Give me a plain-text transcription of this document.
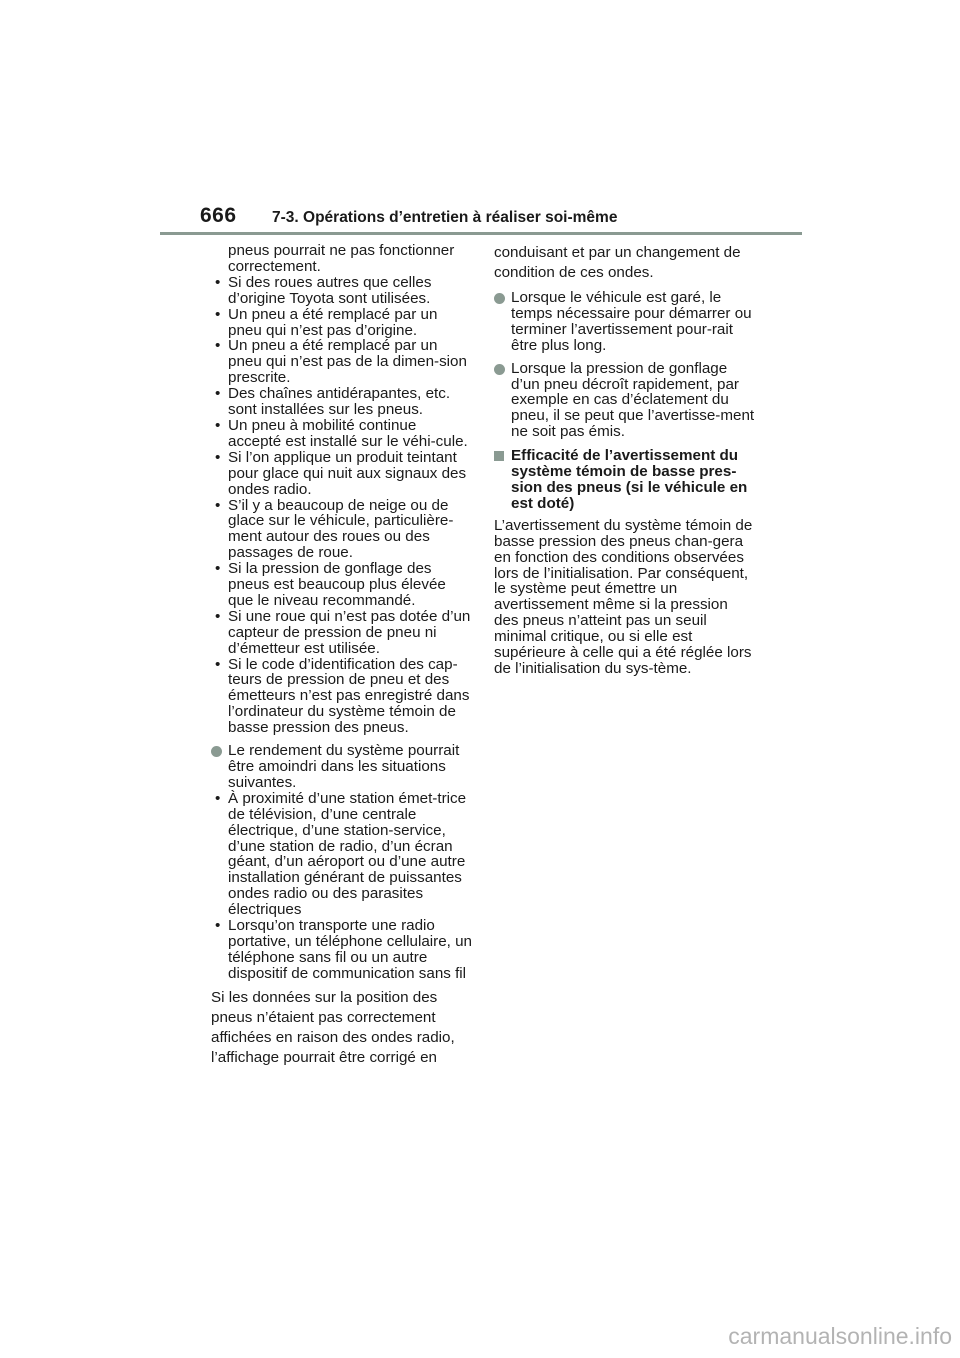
666 7-3. Opérations d’entretien à réaliser soi-même
pneus pourrait ne pas fonctionner correctement.
• Si des roues autres que celles d’origine Toyota sont utilisées.
• Un pneu a été remplacé par un pneu qui n’est pas d’origine.
• Un pneu a été remplacé par un pneu qui n’est pas de la dimen-sion prescrite.
• Des chaînes antidérapantes, etc. sont installées sur les pneus.
• Un pneu à mobilité continue accepté est installé sur le véhi-cule.
• Si l’on applique un produit teintant pour glace qui nuit aux signaux des ondes radio.
• S’il y a beaucoup de neige ou de glace sur le véhicule, particulière-ment autour des roues ou des passages de roue.
• Si la pression de gonflage des pneus est beaucoup plus élevée que le niveau recommandé.
• Si une roue qui n’est pas dotée d’un capteur de pression de pneu ni d’émetteur est utilisée.
• Si le code d’identification des cap-teurs de pression de pneu et des émetteurs n’est pas enregistré dans l’ordinateur du système témoin de basse pression des pneus.
Le rendement du système pourrait être amoindri dans les situations suivantes.
• À proximité d’une station émet-trice de télévision, d’une centrale électrique, d’une station-service, d’une station de radio, d’un écran géant, d’un aéroport ou d’une autre installation générant de puissantes ondes radio ou des parasites électriques
• Lorsqu’on transporte une radio portative, un téléphone cellulaire, un téléphone sans fil ou un autre dispositif de communication sans fil
Si les données sur la position des pneus n’étaient pas correctement affichées en raison des ondes radio, l’affichage pourrait être corrigé en
conduisant et par un changement de condition de ces ondes.
Lorsque le véhicule est garé, le temps nécessaire pour démarrer ou terminer l’avertissement pour-rait être plus long.
Lorsque la pression de gonflage d’un pneu décroît rapidement, par exemple en cas d’éclatement du pneu, il se peut que l’avertisse-ment ne soit pas émis.
Efficacité de l’avertissement du système témoin de basse pres-sion des pneus (si le véhicule en est doté)
L’avertissement du système témoin de basse pression des pneus chan-gera en fonction des conditions observées lors de l’initialisation. Par conséquent, le système peut émettre un avertissement même si la pression des pneus n’atteint pas un seuil minimal critique, ou si elle est supérieure à celle qui a été réglée lors de l’initialisation du sys-tème.
carmanualsonline.info
